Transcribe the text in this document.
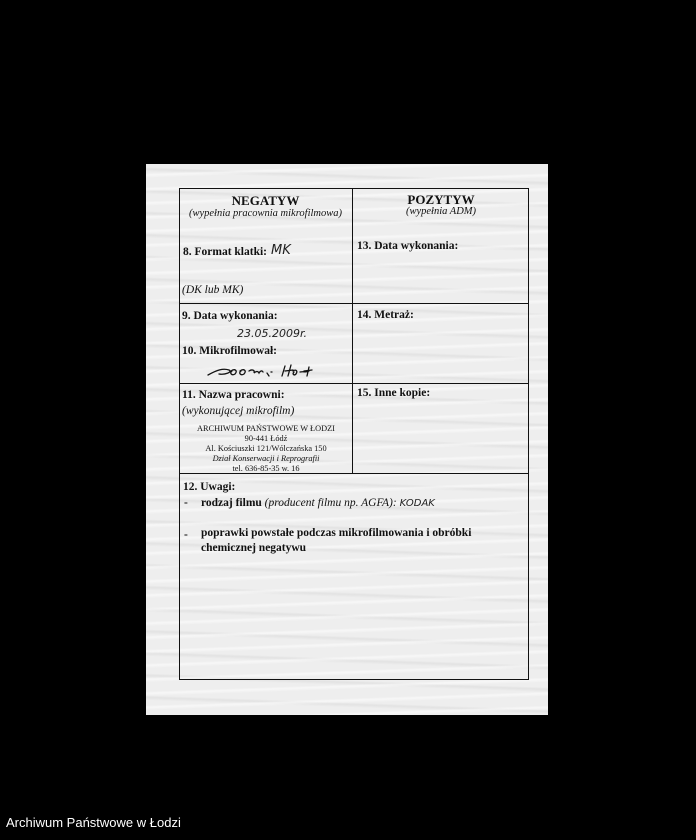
NEGATYW
(wypełnia pracownia mikrofilmowa)
POZYTYW
(wypełnia ADM)
8. Format klatki: MK
(DK lub MK)
13. Data wykonania:
9. Data wykonania:
23.05.2009r.
10. Mikrofilmował:
14. Metraż:
11. Nazwa pracowni:
(wykonującej mikrofilm)
ARCHIWUM PAŃSTWOWE W ŁODZI
90-441 Łódź
Al. Kościuszki 121/Wólczańska 150
Dział Konserwacji i Reprografii
tel. 636-85-35 w. 16
15. Inne kopie:
12. Uwagi:
- rodzaj filmu (producent filmu np. AGFA): KODAK
- poprawki powstałe podczas mikrofilmowania i obróbki
chemicznej negatywu
Archiwum Państwowe w Łodzi
